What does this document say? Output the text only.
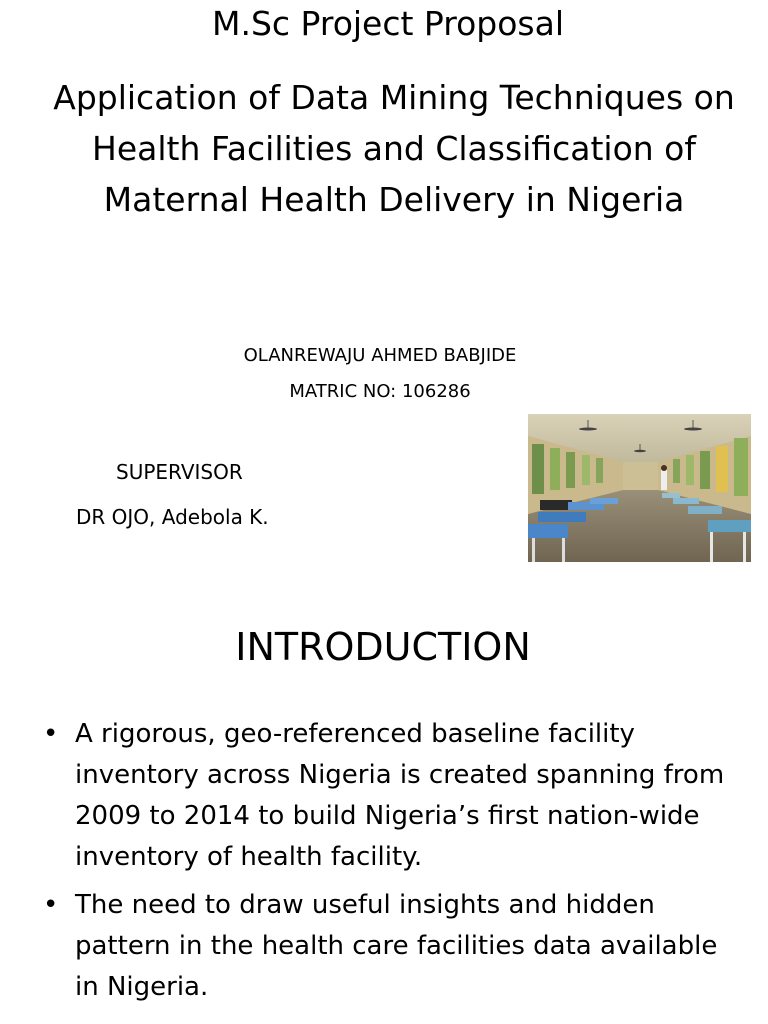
M.Sc Project Proposal
Application of Data Mining Techniques on Health Facilities and Classification of Maternal Health Delivery in Nigeria
OLANREWAJU AHMED BABJIDE
MATRIC NO: 106286
SUPERVISOR
DR OJO, Adebola K.
INTRODUCTION
• A rigorous, geo-referenced baseline facility inventory across Nigeria is created spanning from 2009 to 2014 to build Nigeria’s first nation-wide inventory of health facility.
• The need to draw useful insights and hidden pattern in the health care facilities data available in Nigeria.
